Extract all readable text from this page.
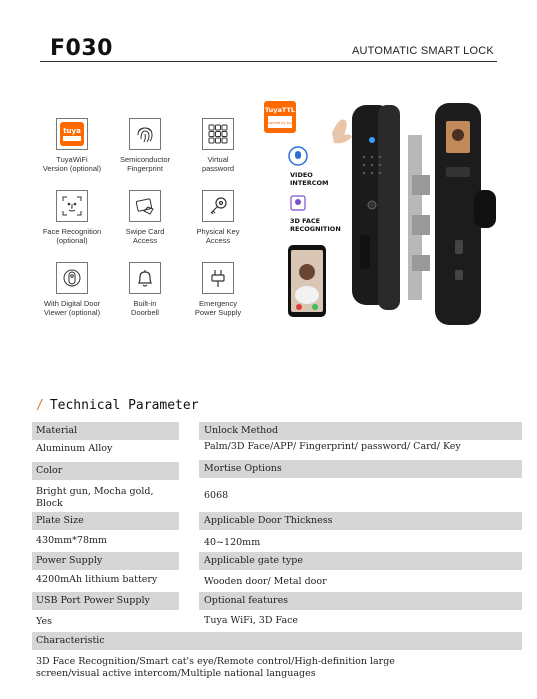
F030	AUTOMATIC SMART LOCK
tuya
TuyaWiFi
Version (optional)
Semiconductor
Fingerprint
Virtual
password
Face Recognition
(optional)
Swipe Card
Access
Physical Key
Access
With Digital Door
Viewer (optional)
Built-in
Doorbell
Emergency
Power Supply
TuyaTTL
Powered by tuya
VIDEO INTERCOM
3D FACE RECOGNITION
/ Technical Parameter
Material
Aluminum Alloy
Color
Bright gun, Mocha gold,
Block
Plate Size
430mm*78mm
Power Supply
4200mAh lithium battery
USB Port Power Supply
Yes
Unlock Method
Palm/3D Face/APP/ Fingerprint/ password/ Card/ Key
Mortise Options
6068
Applicable Door Thickness
40~120mm
Applicable gate type
Wooden door/ Metal door
Optional features
Tuya WiFi, 3D Face
Characteristic
3D Face Recognition/Smart cat's eye/Remote control/High-definition large
screen/visual active intercom/Multiple national languages
